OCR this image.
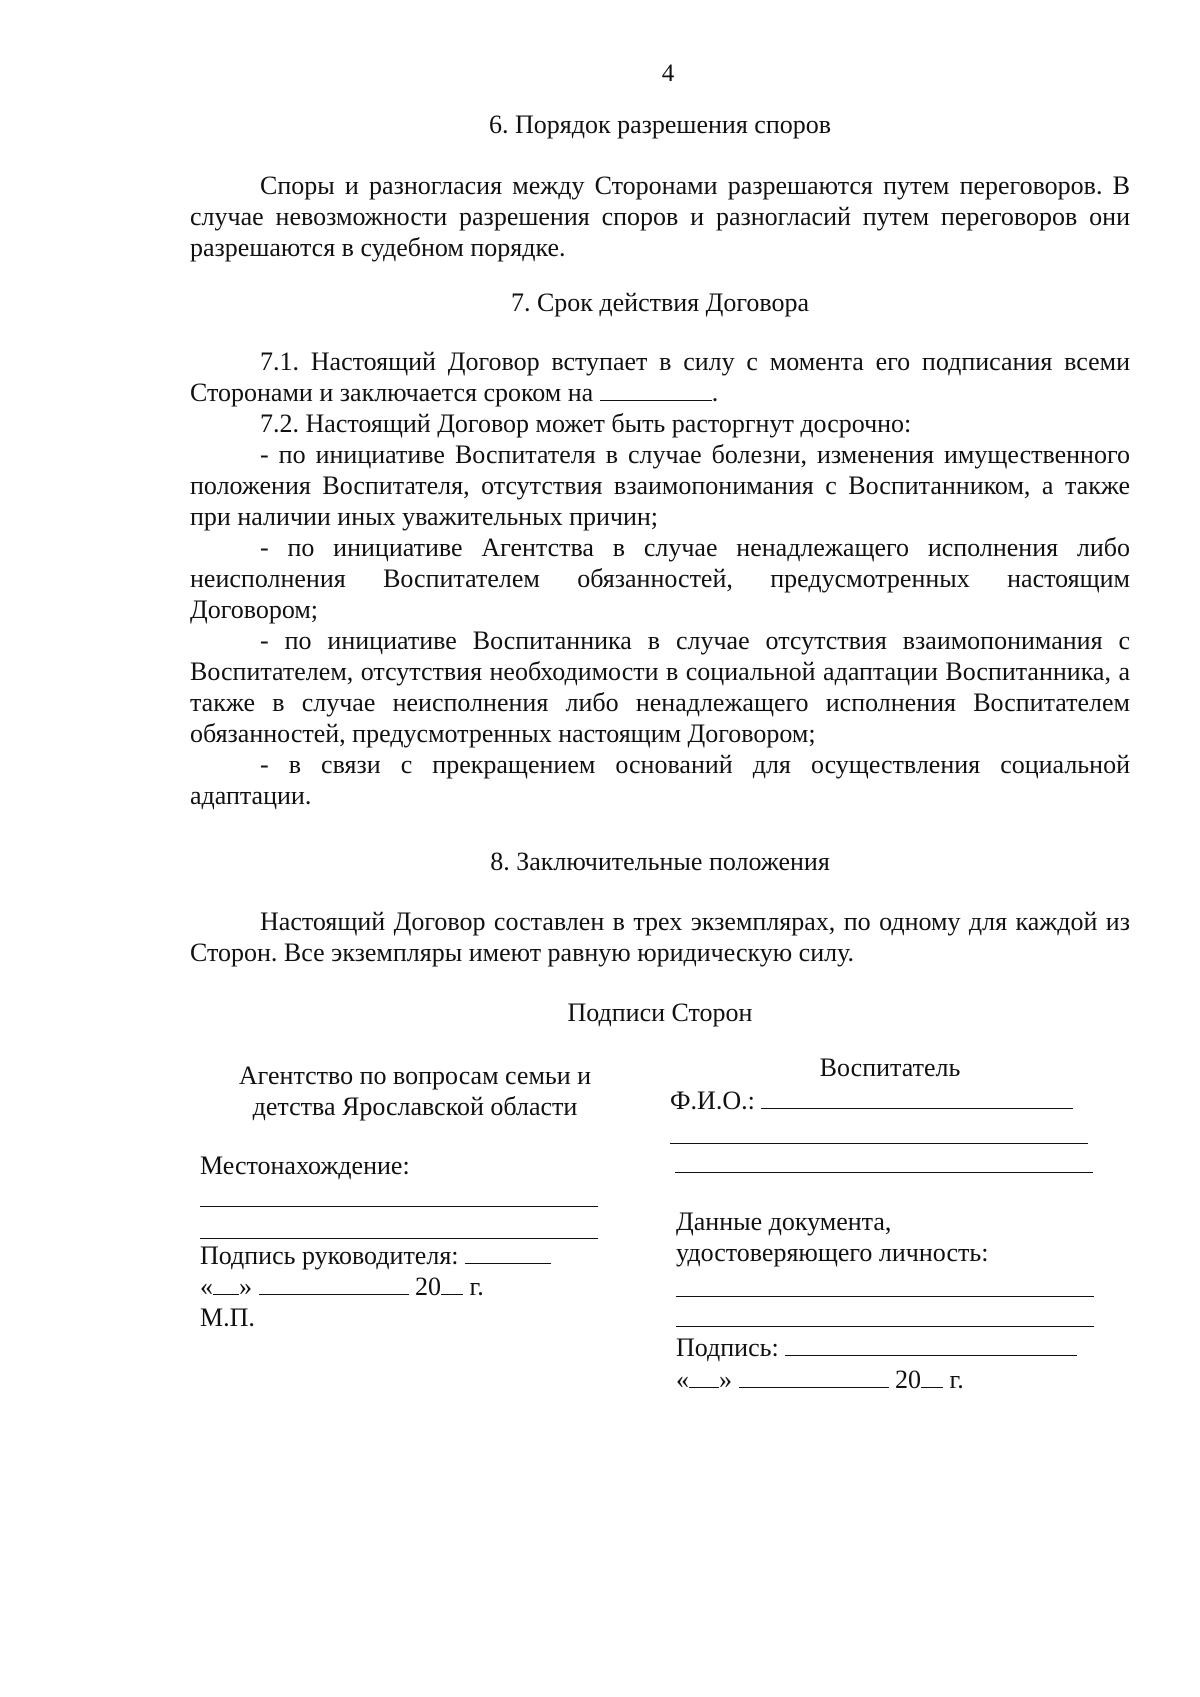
4
6. Порядок разрешения споров

Споры и разногласия между Сторонами разрешаются путем переговоров. В случае невозможности разрешения споров и разногласий путем переговоров они разрешаются в судебном порядке.

7. Срок действия Договора

7.1. Настоящий Договор вступает в силу с момента его подписания всеми Сторонами и заключается сроком на	.

7.2. Настоящий Договор может быть расторгнут досрочно:

- по инициативе Воспитателя в случае болезни, изменения имущественного положения Воспитателя, отсутствия взаимопонимания с Воспитанником, а также при наличии иных уважительных причин;

- по инициативе Агентства в случае ненадлежащего исполнения либо неисполнения Воспитателем обязанностей, предусмотренных настоящим Договором;

- по инициативе Воспитанника в случае отсутствия взаимопонимания с Воспитателем, отсутствия необходимости в социальной адаптации Воспитанника, а также в случае неисполнения либо ненадлежащего исполнения Воспитателем обязанностей, предусмотренных настоящим Договором;

- в связи с прекращением оснований для осуществления социальной адаптации.

8. Заключительные положения

Настоящий Договор составлен в трех экземплярах, по одному для каждой из Сторон. Все экземпляры имеют равную юридическую силу.

Подписи Сторон
Агентство по вопросам семьи и
детства Ярославской области
Местонахождение:
Подпись руководителя:
« »	20 г.
М.П.
Воспитатель
Ф.И.О.:
Данные документа,
удостоверяющего личность:
Подпись:
« »	20 г.
